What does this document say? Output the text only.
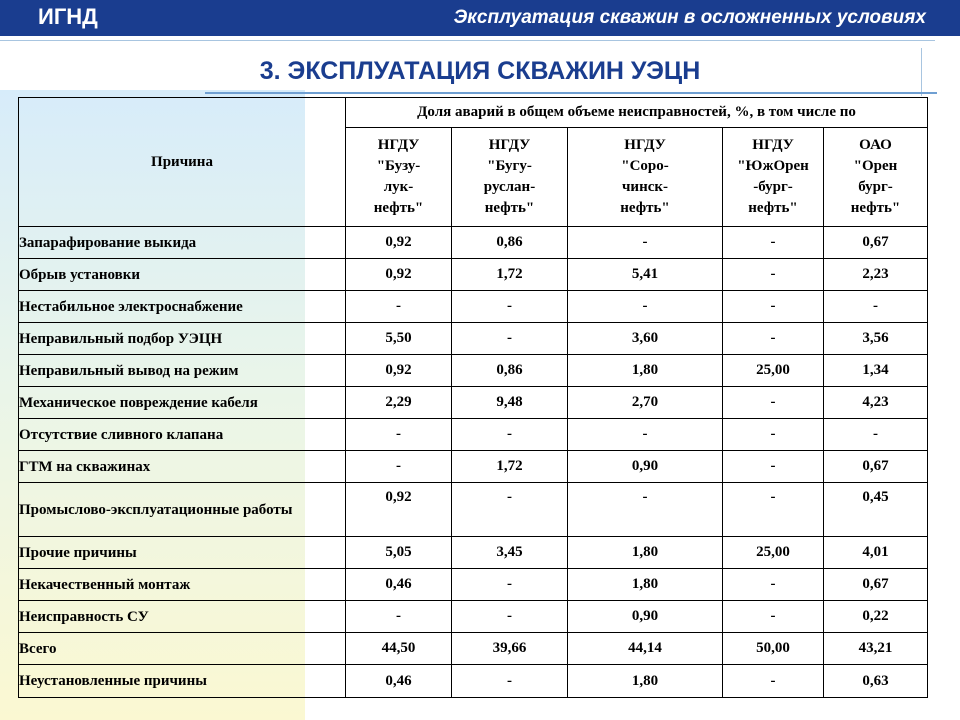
ИГНД	Эксплуатация скважин в осложненных условиях
3. ЭКСПЛУАТАЦИЯ СКВАЖИН УЭЦН
Причина	Доля аварий в общем объеме неисправностей, %, в том числе по				
	НГДУ
"Бузу-
лук-
нефть"	НГДУ
"Бугу-
руслан-
нефть"	НГДУ
"Соро-
чинск-
нефть"	НГДУ
"ЮжОрен
-бург-
нефть"	ОАО
"Орен
бург-
нефть"
Запарафирование выкида	0,92	0,86	-	-	0,67
Обрыв установки	0,92	1,72	5,41	-	2,23
Нестабильное электроснабжение	-	-	-	-	-
Неправильный подбор УЭЦН	5,50	-	3,60	-	3,56
Неправильный вывод на режим	0,92	0,86	1,80	25,00	1,34
Механическое повреждение кабеля	2,29	9,48	2,70	-	4,23
Отсутствие сливного клапана	-	-	-	-	-
ГТМ на скважинах	-	1,72	0,90	-	0,67
Промыслово-эксплуатационные работы	0,92	-	-	-	0,45
Прочие причины	5,05	3,45	1,80	25,00	4,01
Некачественный монтаж	0,46	-	1,80	-	0,67
Неисправность СУ	-	-	0,90	-	0,22
Всего	44,50	39,66	44,14	50,00	43,21
Неустановленные причины	0,46	-	1,80	-	0,63
